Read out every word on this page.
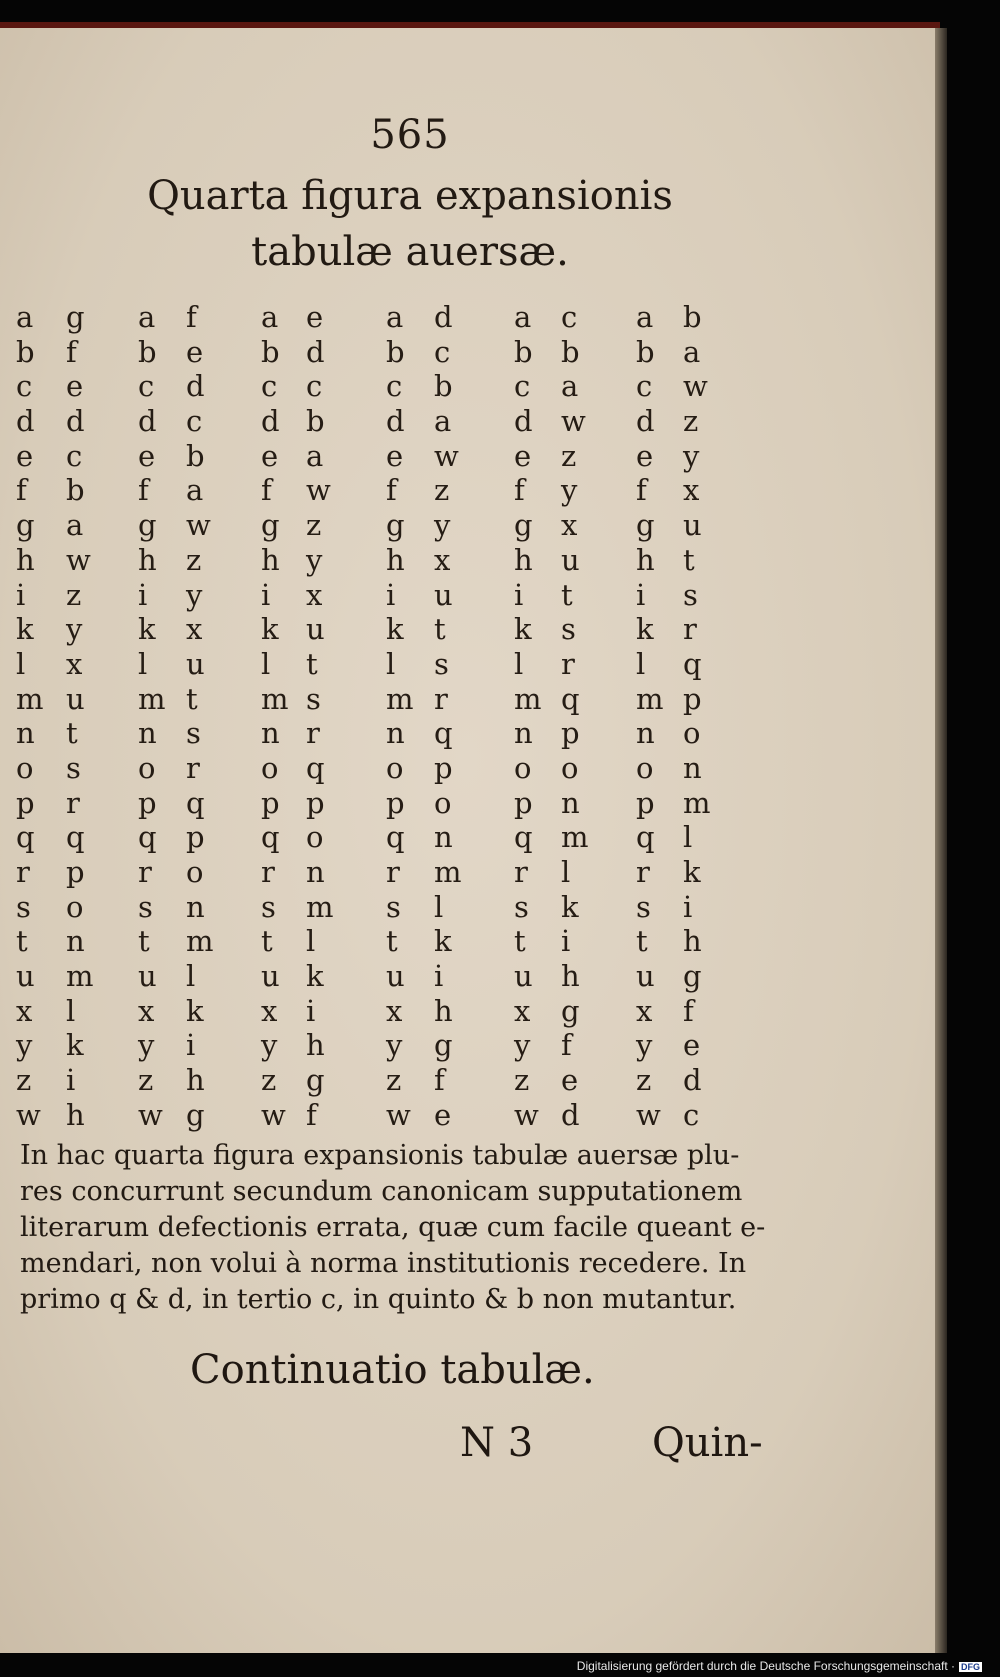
565
Quarta figura expansionis tabulæ auersæ.
a
b
c
d
e
f
g
h
i
k
l
m
n
o
p
q
r
s
t
u
x
y
z
w
g
f
e
d
c
b
a
w
z
y
x
u
t
s
r
q
p
o
n
m
l
k
i
h
a
b
c
d
e
f
g
h
i
k
l
m
n
o
p
q
r
s
t
u
x
y
z
w
f
e
d
c
b
a
w
z
y
x
u
t
s
r
q
p
o
n
m
l
k
i
h
g
a
b
c
d
e
f
g
h
i
k
l
m
n
o
p
q
r
s
t
u
x
y
z
w
e
d
c
b
a
w
z
y
x
u
t
s
r
q
p
o
n
m
l
k
i
h
g
f
a
b
c
d
e
f
g
h
i
k
l
m
n
o
p
q
r
s
t
u
x
y
z
w
d
c
b
a
w
z
y
x
u
t
s
r
q
p
o
n
m
l
k
i
h
g
f
e
a
b
c
d
e
f
g
h
i
k
l
m
n
o
p
q
r
s
t
u
x
y
z
w
c
b
a
w
z
y
x
u
t
s
r
q
p
o
n
m
l
k
i
h
g
f
e
d
a
b
c
d
e
f
g
h
i
k
l
m
n
o
p
q
r
s
t
u
x
y
z
w
b
a
w
z
y
x
u
t
s
r
q
p
o
n
m
l
k
i
h
g
f
e
d
c
In hac quarta figura expansionis tabulæ auersæ plu-
res concurrunt secundum canonicam supputationem
literarum defectionis errata, quæ cum facile queant e-
mendari, non volui à norma institutionis recedere. In
primo q & d, in tertio c, in quinto & b non mutantur.
Continuatio tabulæ.
N 3	Quin-
Digitalisierung gefördert durch die Deutsche Forschungsgemeinschaft · DFG
